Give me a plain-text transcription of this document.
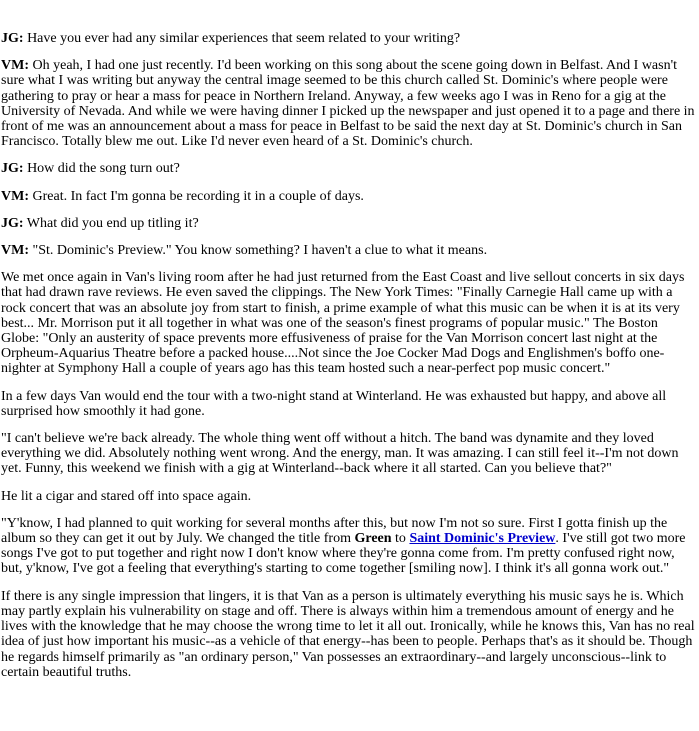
JG: Have you ever had any similar experiences that seem related to your writing?

VM: Oh yeah, I had one just recently. I'd been working on this song about the scene going down in Belfast. And I wasn't sure what I was writing but anyway the central image seemed to be this church called St. Dominic's where people were gathering to pray or hear a mass for peace in Northern Ireland. Anyway, a few weeks ago I was in Reno for a gig at the University of Nevada. And while we were having dinner I picked up the newspaper and just opened it to a page and there in front of me was an announcement about a mass for peace in Belfast to be said the next day at St. Dominic's church in San Francisco. Totally blew me out. Like I'd never even heard of a St. Dominic's church.

JG: How did the song turn out?

VM: Great. In fact I'm gonna be recording it in a couple of days.

JG: What did you end up titling it?

VM: "St. Dominic's Preview." You know something? I haven't a clue to what it means.

We met once again in Van's living room after he had just returned from the East Coast and live sellout concerts in six days that had drawn rave reviews. He even saved the clippings. The New York Times: "Finally Carnegie Hall came up with a rock concert that was an absolute joy from start to finish, a prime example of what this music can be when it is at its very best... Mr. Morrison put it all together in what was one of the season's finest programs of popular music." The Boston Globe: "Only an austerity of space prevents more effusiveness of praise for the Van Morrison concert last night at the Orpheum-Aquarius Theatre before a packed house....Not since the Joe Cocker Mad Dogs and Englishmen's boffo one-nighter at Symphony Hall a couple of years ago has this team hosted such a near-perfect pop music concert."

In a few days Van would end the tour with a two-night stand at Winterland. He was exhausted but happy, and above all surprised how smoothly it had gone.

"I can't believe we're back already. The whole thing went off without a hitch. The band was dynamite and they loved everything we did. Absolutely nothing went wrong. And the energy, man. It was amazing. I can still feel it--I'm not down yet. Funny, this weekend we finish with a gig at Winterland--back where it all started. Can you believe that?"

He lit a cigar and stared off into space again.

"Y'know, I had planned to quit working for several months after this, but now I'm not so sure. First I gotta finish up the album so they can get it out by July. We changed the title from Green to Saint Dominic's Preview. I've still got two more songs I've got to put together and right now I don't know where they're gonna come from. I'm pretty confused right now, but, y'know, I've got a feeling that everything's starting to come together [smiling now]. I think it's all gonna work out."

If there is any single impression that lingers, it is that Van as a person is ultimately everything his music says he is. Which may partly explain his vulnerability on stage and off. There is always within him a tremendous amount of energy and he lives with the knowledge that he may choose the wrong time to let it all out. Ironically, while he knows this, Van has no real idea of just how important his music--as a vehicle of that energy--has been to people. Perhaps that's as it should be. Though he regards himself primarily as "an ordinary person," Van possesses an extraordinary--and largely unconscious--link to certain beautiful truths.
